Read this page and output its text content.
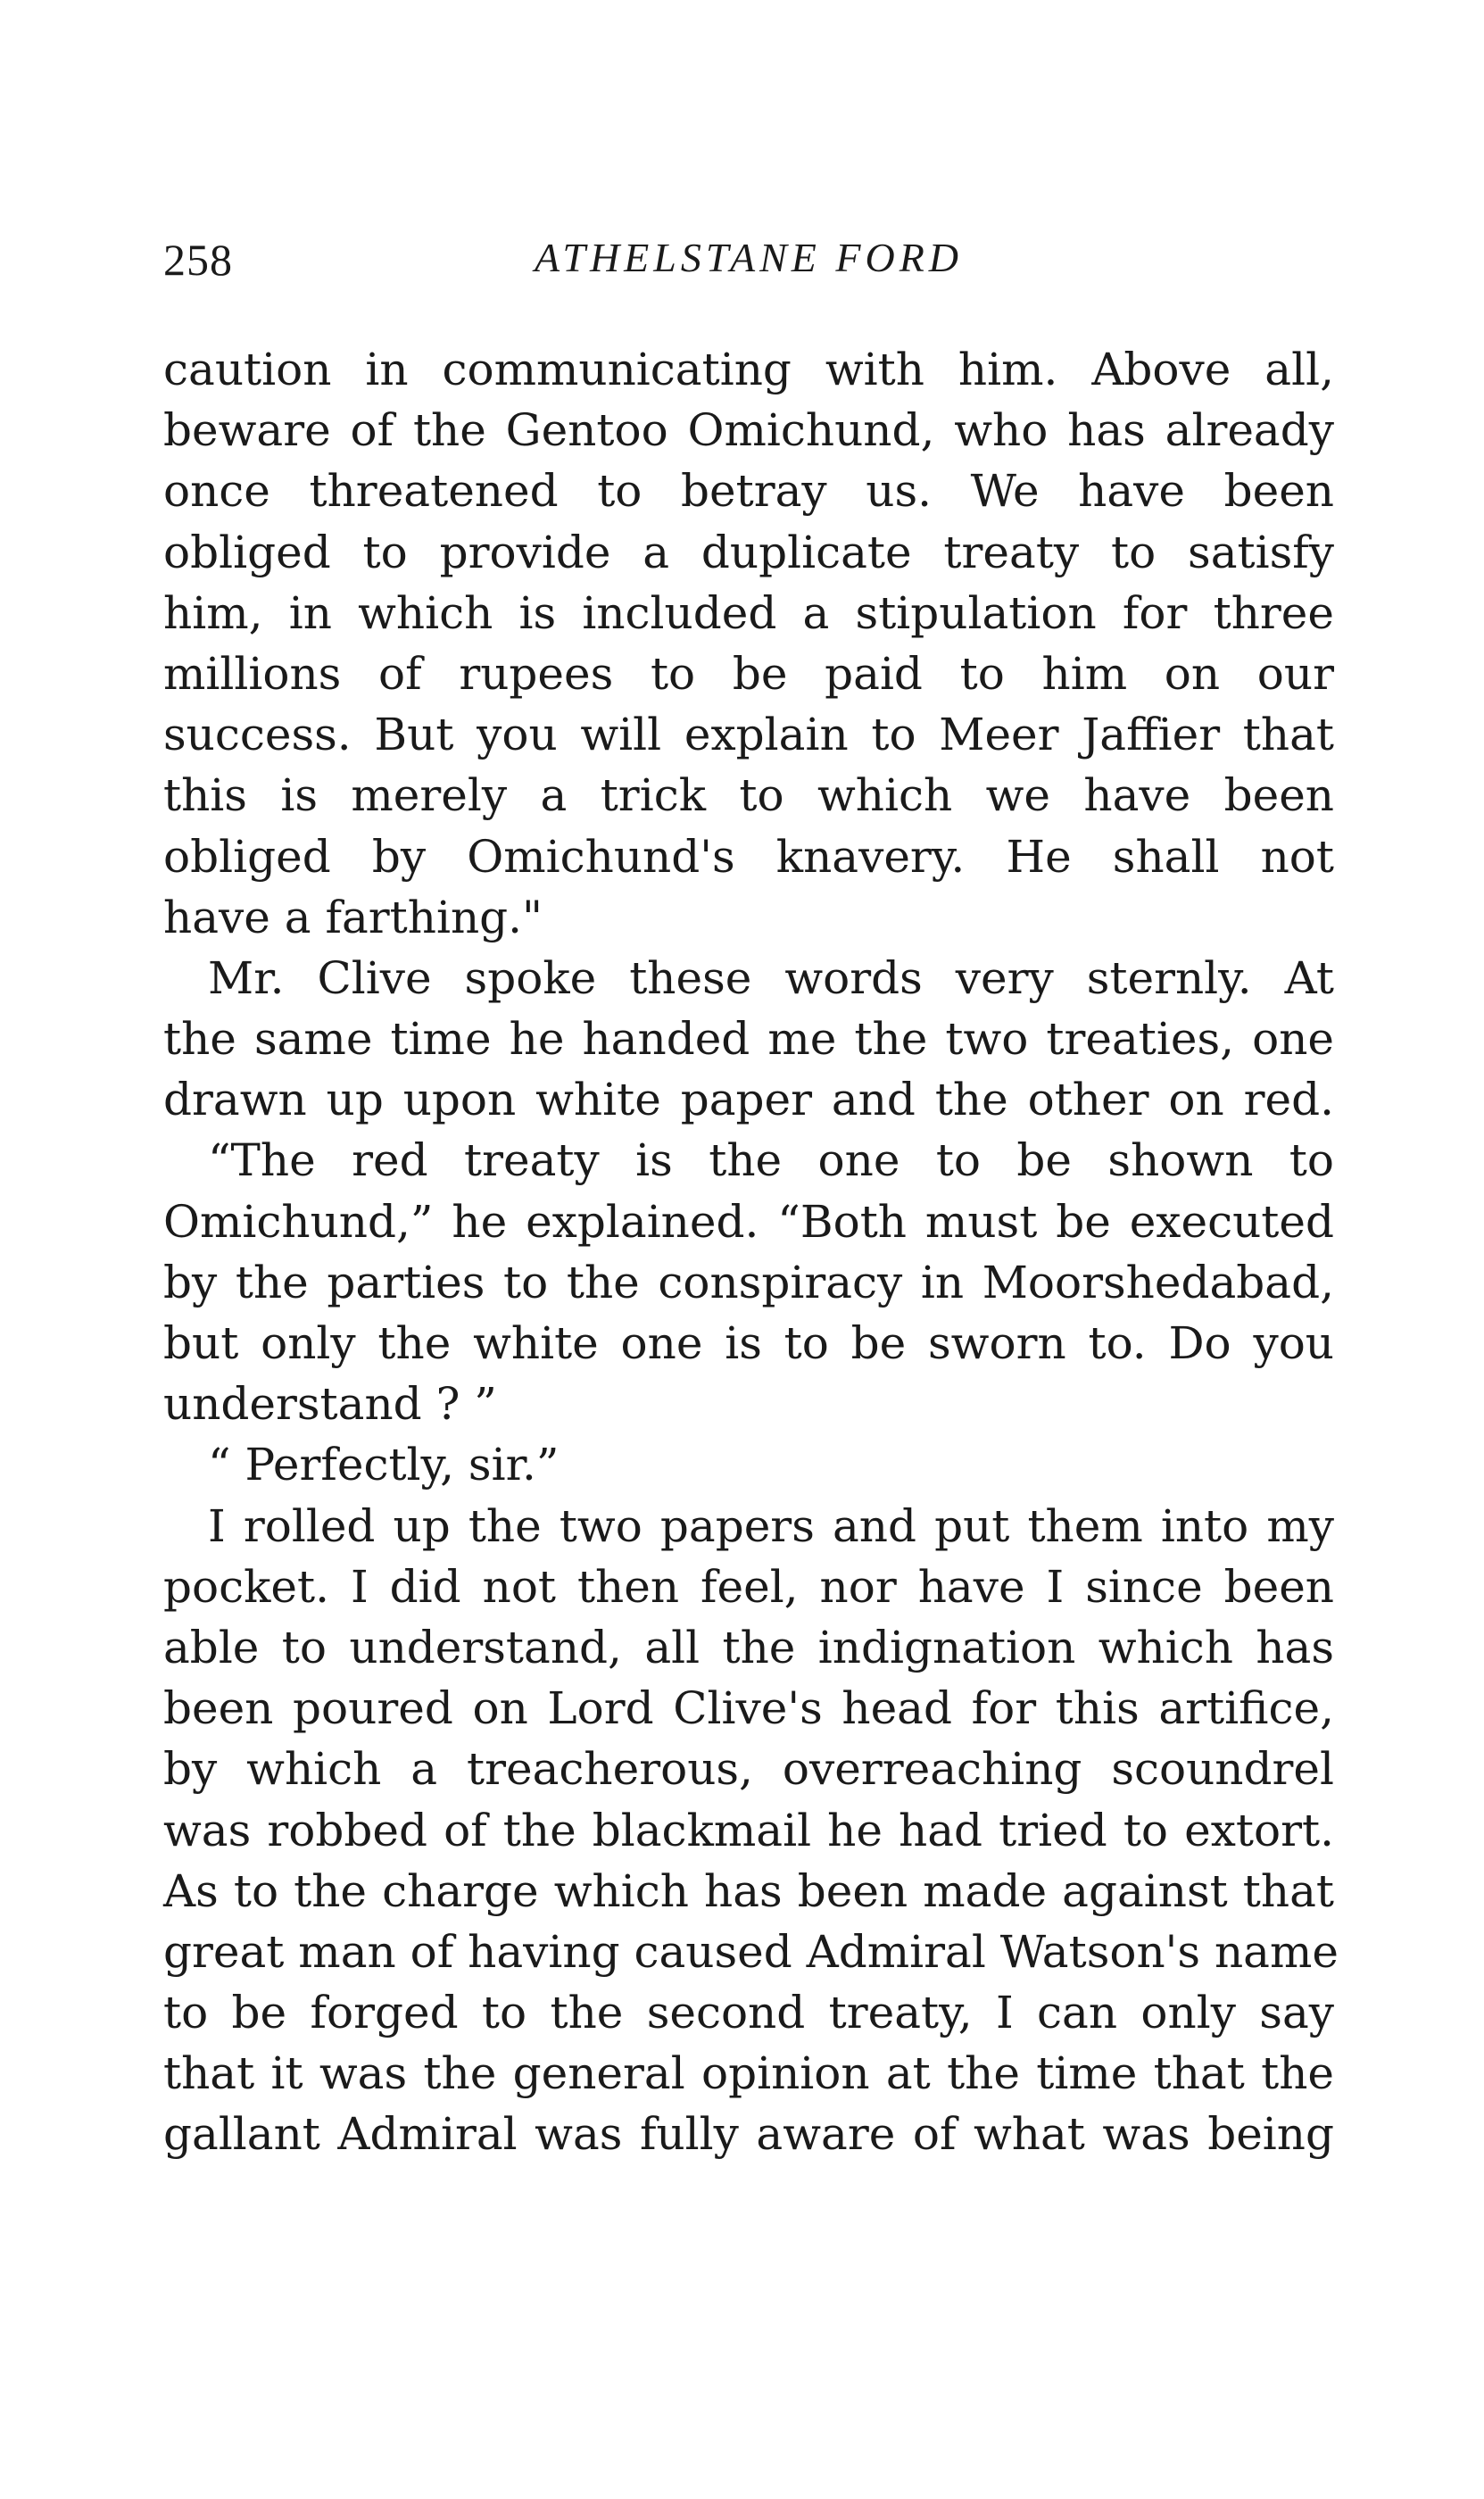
258	ATHELSTANE FORD
caution in communicating with him. Above all,
beware of the Gentoo Omichund, who has already
once threatened to betray us. We have been
obliged to provide a duplicate treaty to satisfy
him, in which is included a stipulation for three
millions of rupees to be paid to him on our
success. But you will explain to Meer Jaffier that
this is merely a trick to which we have been
obliged by Omichund's knavery. He shall not
have a farthing."
Mr. Clive spoke these words very sternly. At
the same time he handed me the two treaties, one
drawn up upon white paper and the other on red.
“The red treaty is the one to be shown to
Omichund,” he explained. “Both must be executed
by the parties to the conspiracy in Moorshedabad,
but only the white one is to be sworn to. Do you
understand ? ”
“ Perfectly, sir.”
I rolled up the two papers and put them into my
pocket. I did not then feel, nor have I since been
able to understand, all the indignation which has
been poured on Lord Clive's head for this artifice,
by which a treacherous, overreaching scoundrel
was robbed of the blackmail he had tried to extort.
As to the charge which has been made against that
great man of having caused Admiral Watson's name
to be forged to the second treaty, I can only say
that it was the general opinion at the time that the
gallant Admiral was fully aware of what was being
